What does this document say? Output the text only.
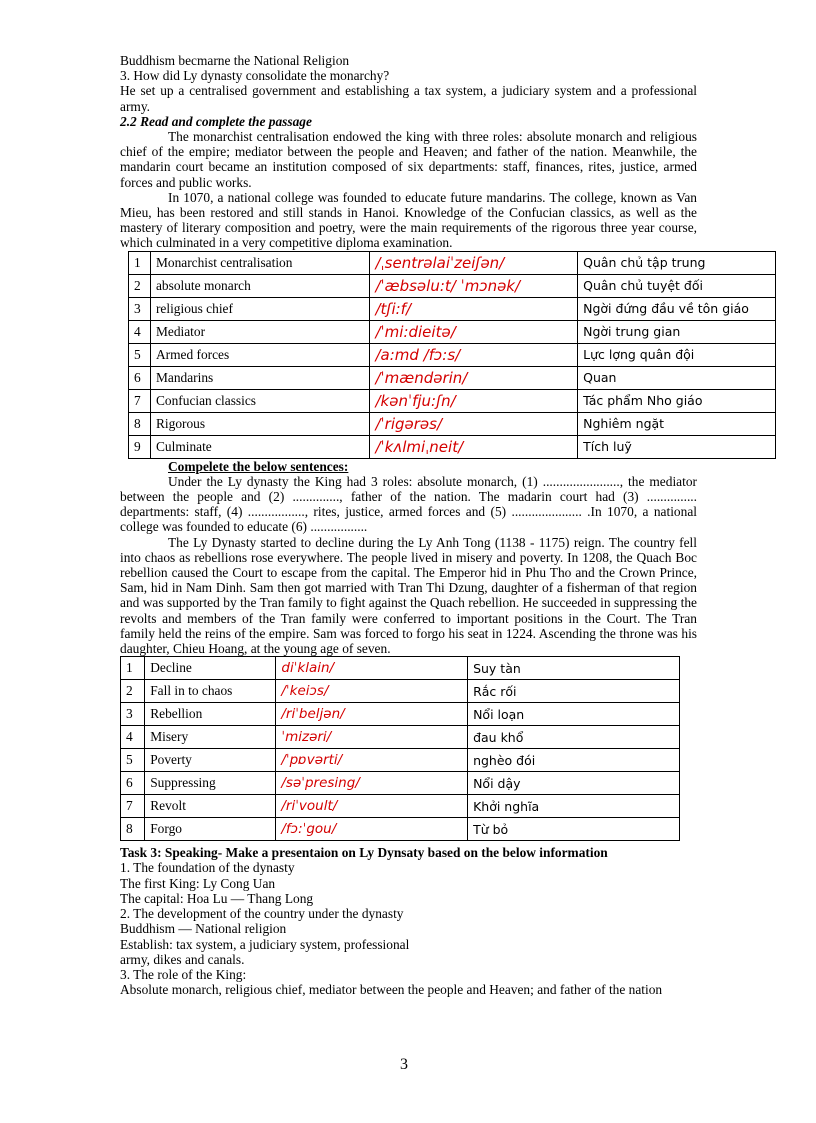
Buddhism becmarne the National Religion

3. How did Ly dynasty consolidate the monarchy?

He set up a centralised government and establishing a tax system, a judiciary system and a professional army.

2.2 Read and complete the passage

The monarchist centralisation endowed the king with three roles: absolute monarch and religious chief of the empire; mediator between the people and Heaven; and father of the nation. Meanwhile, the mandarin court became an institution composed of six departments: staff, finances, rites, justice, armed forces and public works.

In 1070, a national college was founded to educate future mandarins. The college, known as Van Mieu, has been restored and still stands in Hanoi. Knowledge of the Confucian classics, as well as the mastery of literary composition and poetry, were the main requirements of the rigorous three year course, which culminated in a very competitive diploma examination.

1	Monarchist centralisation	/ˌsentrəlaiˈzeiʃən/	Quân chủ tập trung
2	absolute monarch	/ˈæbsəlu:t/ ˈmɔnək/	Quân chủ tuyệt đối
3	religious chief	/tʃi:f/	Ngời đứng đầu về tôn giáo
4	Mediator	/ˈmi:dieitə/	Ngời trung gian
5	Armed forces	/a:md /fɔ:s/	Lực lợng quân đội
6	Mandarins	/ˈmændərin/	Quan
7	Confucian classics	/kənˈfju:ʃn/	Tác phẩm Nho giáo
8	Rigorous	/ˈrigərəs/	Nghiêm ngặt
9	Culminate	/ˈkʌlmiˌneit/	Tích luỹ

Compelete the below sentences:

Under the Ly dynasty the King had 3 roles: absolute monarch, (1) ......................., the mediator between the people and (2) .............., father of the nation. The madarin court had (3) ............... departments: staff, (4) ................., rites, justice, armed forces and (5) ..................... .In 1070, a national college was founded to educate (6) .................

The Ly Dynasty started to decline during the Ly Anh Tong (1138 - 1175) reign. The country fell into chaos as rebellions rose everywhere. The people lived in misery and poverty. In 1208, the Quach Boc rebellion caused the Court to escape from the capital. The Emperor hid in Phu Tho and the Crown Prince, Sam, hid in Nam Dinh. Sam then got married with Tran Thi Dzung, daughter of a fisherman of that region and was supported by the Tran family to fight against the Quach rebellion. He succeeded in suppressing the revolts and members of the Tran family were conferred to important positions in the Court. The Tran family held the reins of the empire. Sam was forced to forgo his seat in 1224. Ascending the throne was his daughter, Chieu Hoang, at the young age of seven.

1	Decline	diˈklain/	Suy tàn
2	Fall in to chaos	/ˈkeiɔs/	Rắc rối
3	Rebellion	/riˈbeljən/	Nổi loạn
4	Misery	ˈmizəri/	đau khổ
5	Poverty	/ˈpɒvərti/	nghèo đói
6	Suppressing	/səˈpresing/	Nổi dậy
7	Revolt	/riˈvoult/	Khởi nghĩa
8	Forgo	/fɔ:ˈgou/	Từ bỏ

Task 3: Speaking- Make a presentaion on Ly Dynsaty based on the below information

1. The foundation of the dynasty

The first King: Ly Cong Uan

The capital: Hoa Lu — Thang Long

2. The development of the country under the dynasty

Buddhism — National religion

Establish: tax system, a judiciary system, professional

army, dikes and canals.

3. The role of the King:

Absolute monarch, religious chief, mediator between the people and Heaven; and father of the nation

3
